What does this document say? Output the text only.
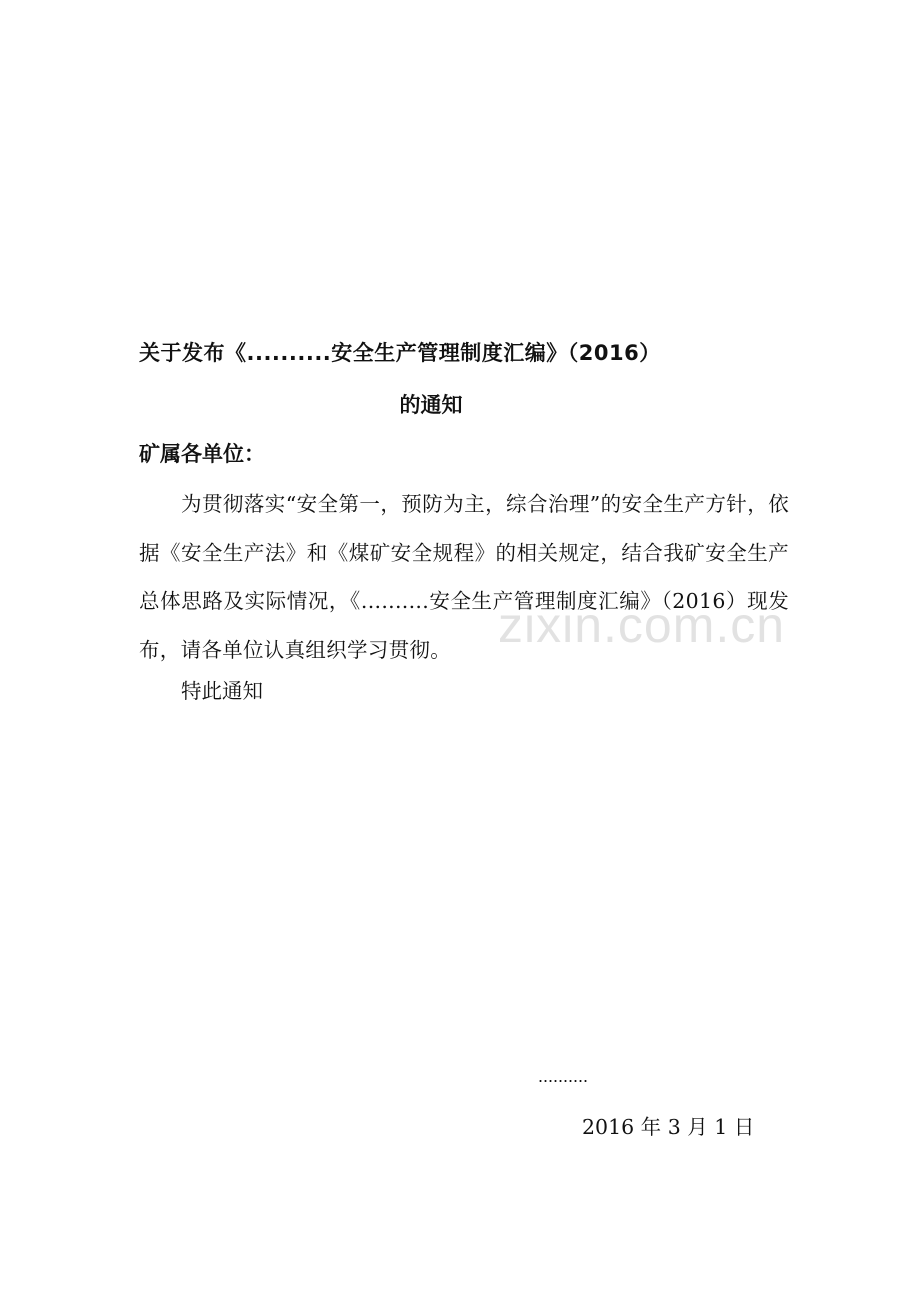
zixin.com.cn
关于发布《..........安全生产管理制度汇编》（2016）
的通知
矿属各单位：

为贯彻落实“安全第一，预防为主，综合治理”的安全生产方针，依据《安全生产法》和《煤矿安全规程》的相关规定，结合我矿安全生产总体思路及实际情况，《..........安全生产管理制度汇编》（2016）现发布，请各单位认真组织学习贯彻。

特此通知
..........
2016 年 3 月 1 日
